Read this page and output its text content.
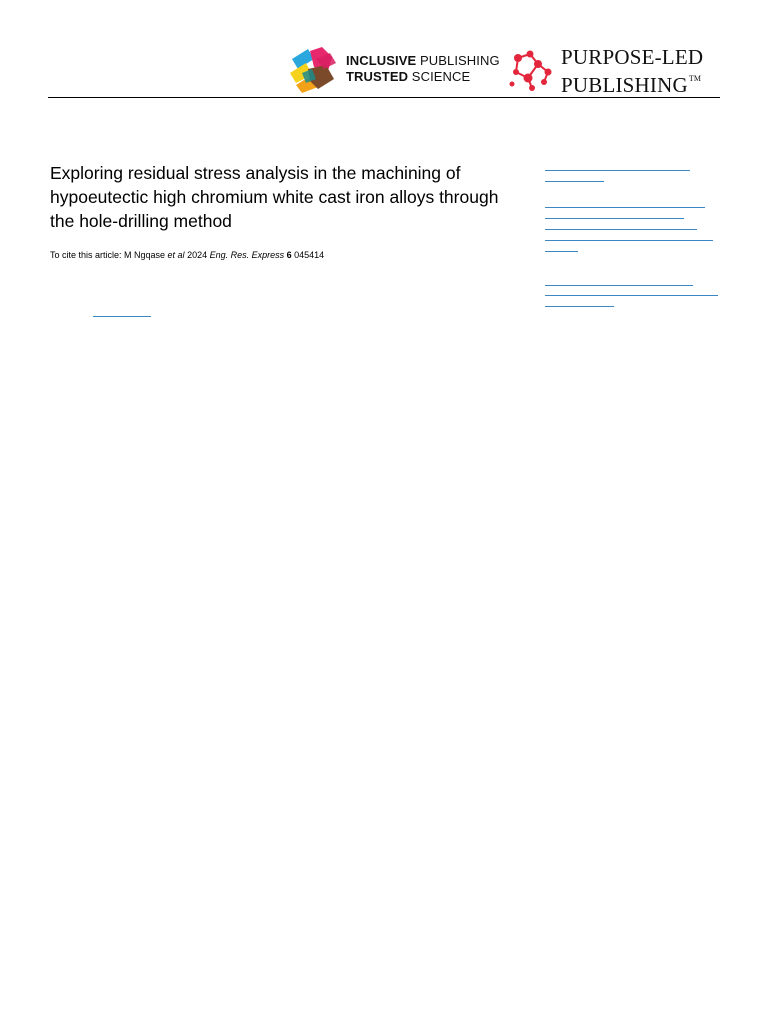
INCLUSIVE PUBLISHING
TRUSTED SCIENCE
PURPOSE-LED
PUBLISHING™
Exploring residual stress analysis in the machining of hypoeutectic high chromium white cast iron alloys through the hole-drilling method
To cite this article: M Ngqase et al 2024 Eng. Res. Express 6 045414
